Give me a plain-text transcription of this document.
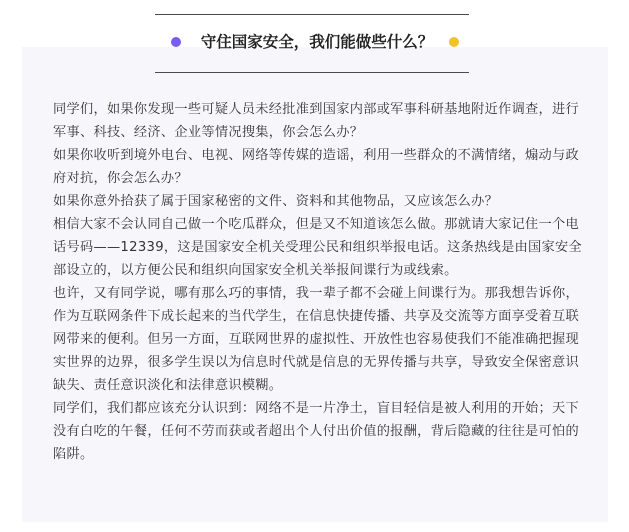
守住国家安全，我们能做些什么？

同学们，如果你发现一些可疑人员未经批准到国家内部或军事科研基地附近作调查，进行军事、科技、经济、企业等情况搜集，你会怎么办？

如果你收听到境外电台、电视、网络等传媒的造谣，利用一些群众的不满情绪，煽动与政府对抗，你会怎么办？

如果你意外拾获了属于国家秘密的文件、资料和其他物品，又应该怎么办？

相信大家不会认同自己做一个吃瓜群众，但是又不知道该怎么做。那就请大家记住一个电话号码——12339，这是国家安全机关受理公民和组织举报电话。这条热线是由国家安全部设立的，以方便公民和组织向国家安全机关举报间谍行为或线索。

也许，又有同学说，哪有那么巧的事情，我一辈子都不会碰上间谍行为。那我想告诉你，作为互联网条件下成长起来的当代学生，在信息快捷传播、共享及交流等方面享受着互联网带来的便利。但另一方面，互联网世界的虚拟性、开放性也容易使我们不能准确把握现实世界的边界，很多学生误以为信息时代就是信息的无界传播与共享，导致安全保密意识缺失、责任意识淡化和法律意识模糊。

同学们，我们都应该充分认识到：网络不是一片净土，盲目轻信是被人利用的开始；天下没有白吃的午餐，任何不劳而获或者超出个人付出价值的报酬，背后隐藏的往往是可怕的陷阱。
